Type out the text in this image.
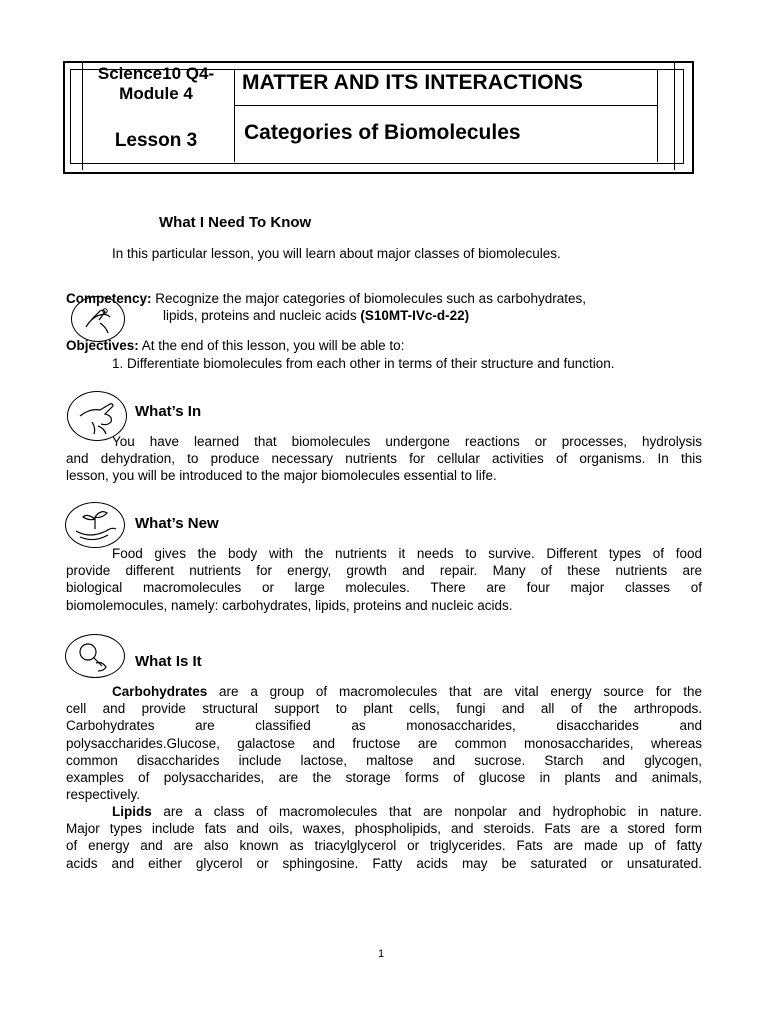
Science10 Q4-
Module 4
Lesson 3
MATTER AND ITS INTERACTIONS
Categories of Biomolecules
What I Need To Know
In this particular lesson, you will learn about major classes of biomolecules.
Competency: Recognize the major categories of biomolecules such as carbohydrates,
lipids, proteins and nucleic acids (S10MT-IVc-d-22)
Objectives: At the end of this lesson, you will be able to:
1. Differentiate biomolecules from each other in terms of their structure and function.
What’s In
You have learned that biomolecules undergone reactions or processes, hydrolysis
and dehydration, to produce necessary nutrients for cellular activities of organisms. In this
lesson, you will be introduced to the major biomolecules essential to life.
What’s New
Food gives the body with the nutrients it needs to survive. Different types of food
provide different nutrients for energy, growth and repair. Many of these nutrients are
biological macromolecules or large molecules. There are four major classes of
biomolemocules, namely: carbohydrates, lipids, proteins and nucleic acids.
What Is It
Carbohydrates are a group of macromolecules that are vital energy source for the
cell and provide structural support to plant cells, fungi and all of the arthropods.
Carbohydrates are classified as monosaccharides, disaccharides and
polysaccharides.Glucose, galactose and fructose are common monosaccharides, whereas
common disaccharides include lactose, maltose and sucrose. Starch and glycogen,
examples of polysaccharides, are the storage forms of glucose in plants and animals,
respectively.
Lipids are a class of macromolecules that are nonpolar and hydrophobic in nature.
Major types include fats and oils, waxes, phospholipids, and steroids. Fats are a stored form
of energy and are also known as triacylglycerol or triglycerides. Fats are made up of fatty
acids and either glycerol or sphingosine. Fatty acids may be saturated or unsaturated.
1
